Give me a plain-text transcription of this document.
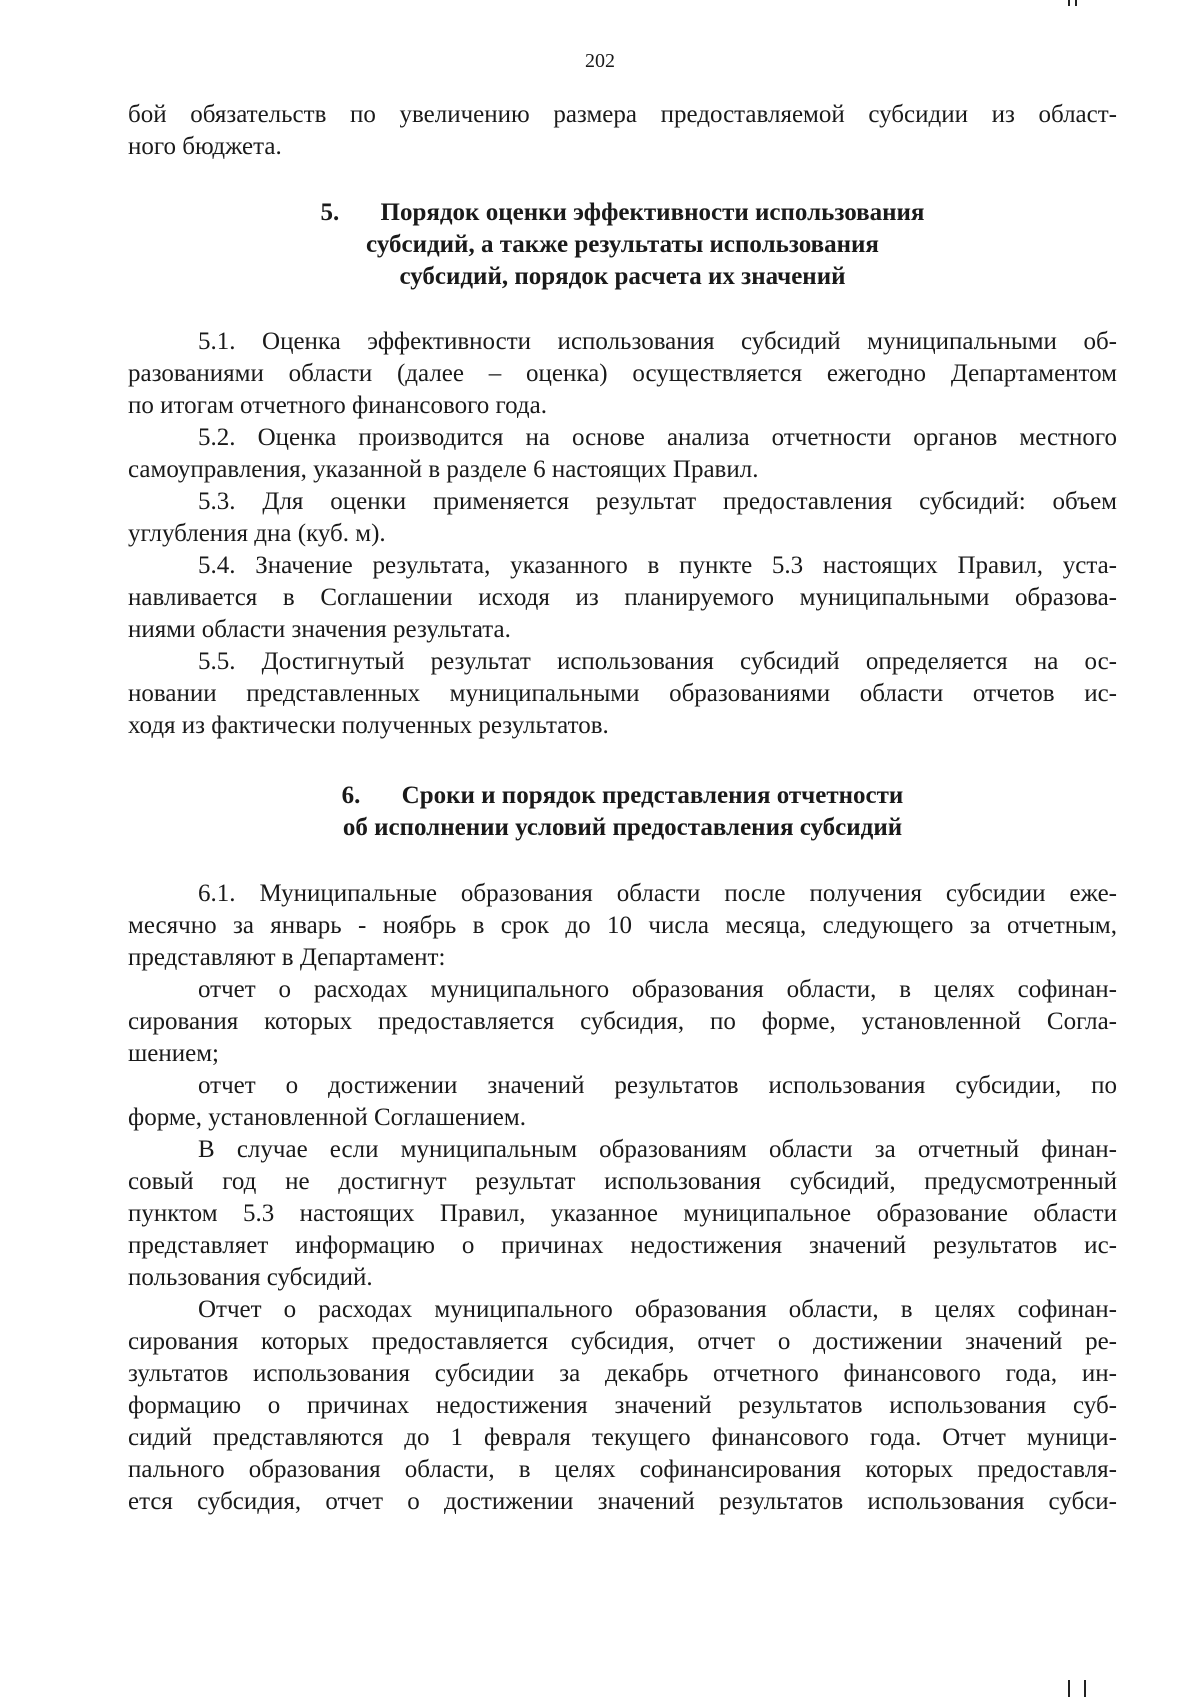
202
бой обязательств по увеличению размера предоставляемой субсидии из област-
ного бюджета.
5. Порядок оценки эффективности использования
субсидий, а также результаты использования
субсидий, порядок расчета их значений
5.1. Оценка эффективности использования субсидий муниципальными об-
разованиями области (далее – оценка) осуществляется ежегодно Департаментом
по итогам отчетного финансового года.
5.2. Оценка производится на основе анализа отчетности органов местного
самоуправления, указанной в разделе 6 настоящих Правил.
5.3. Для оценки применяется результат предоставления субсидий: объем
углубления дна (куб. м).
5.4. Значение результата, указанного в пункте 5.3 настоящих Правил, уста-
навливается в Соглашении исходя из планируемого муниципальными образова-
ниями области значения результата.
5.5. Достигнутый результат использования субсидий определяется на ос-
новании представленных муниципальными образованиями области отчетов ис-
ходя из фактически полученных результатов.
6. Сроки и порядок представления отчетности
об исполнении условий предоставления субсидий
6.1. Муниципальные образования области после получения субсидии еже-
месячно за январь - ноябрь в срок до 10 числа месяца, следующего за отчетным,
представляют в Департамент:
отчет о расходах муниципального образования области, в целях софинан-
сирования которых предоставляется субсидия, по форме, установленной Согла-
шением;
отчет о достижении значений результатов использования субсидии, по
форме, установленной Соглашением.
В случае если муниципальным образованиям области за отчетный финан-
совый год не достигнут результат использования субсидий, предусмотренный
пунктом 5.3 настоящих Правил, указанное муниципальное образование области
представляет информацию о причинах недостижения значений результатов ис-
пользования субсидий.
Отчет о расходах муниципального образования области, в целях софинан-
сирования которых предоставляется субсидия, отчет о достижении значений ре-
зультатов использования субсидии за декабрь отчетного финансового года, ин-
формацию о причинах недостижения значений результатов использования суб-
сидий представляются до 1 февраля текущего финансового года. Отчет муници-
пального образования области, в целях софинансирования которых предоставля-
ется субсидия, отчет о достижении значений результатов использования субси-
